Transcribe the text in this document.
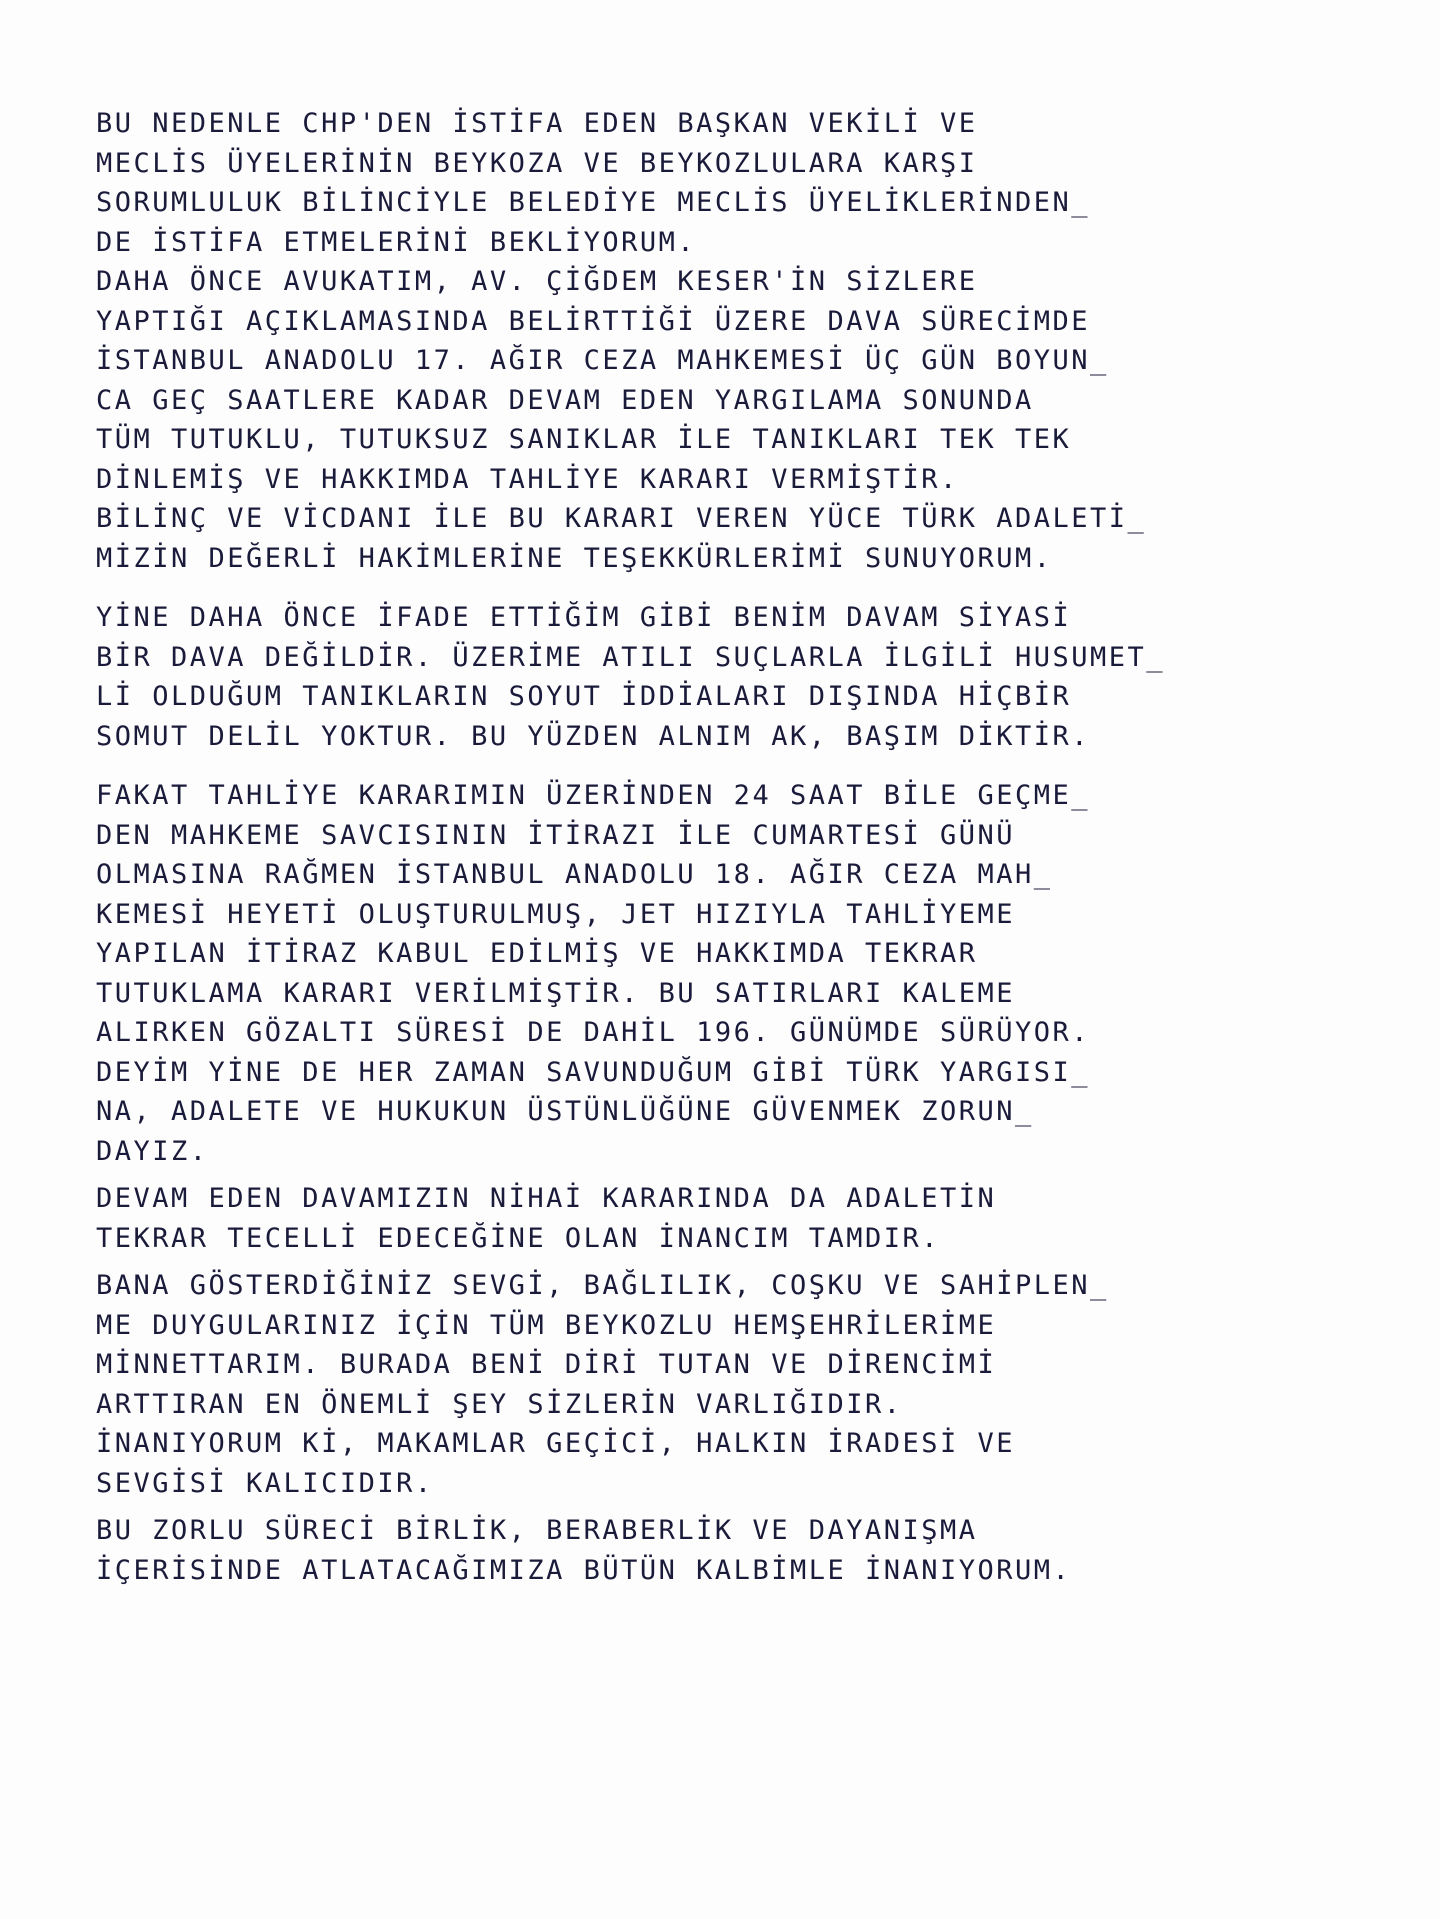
BU NEDENLE CHP'DEN İSTİFA EDEN BAŞKAN VEKİLİ VE
MECLİS ÜYELERİNİN BEYKOZA VE BEYKOZLULARA KARŞI
SORUMLULUK BİLİNCİYLE BELEDİYE MECLİS ÜYELİKLERİNDEN_
DE İSTİFA ETMELERİNİ BEKLİYORUM.
DAHA ÖNCE AVUKATIM, AV. ÇİĞDEM KESER'İN SİZLERE
YAPTIĞI AÇIKLAMASINDA BELİRTTİĞİ ÜZERE DAVA SÜRECİMDE
İSTANBUL ANADOLU 17. AĞIR CEZA MAHKEMESİ ÜÇ GÜN BOYUN_
CA GEÇ SAATLERE KADAR DEVAM EDEN YARGILAMA SONUNDA
TÜM TUTUKLU, TUTUKSUZ SANIKLAR İLE TANIKLARI TEK TEK
DİNLEMİŞ VE HAKKIMDA TAHLİYE KARARI VERMİŞTİR.
BİLİNÇ VE VİCDANI İLE BU KARARI VEREN YÜCE TÜRK ADALETİ_
MİZİN DEĞERLİ HAKİMLERİNE TEŞEKKÜRLERİMİ SUNUYORUM.
YİNE DAHA ÖNCE İFADE ETTİĞİM GİBİ BENİM DAVAM SİYASİ
BİR DAVA DEĞİLDİR. ÜZERİME ATILI SUÇLARLA İLGİLİ HUSUMET_
Lİ OLDUĞUM TANIKLARIN SOYUT İDDİALARI DIŞINDA HİÇBİR
SOMUT DELİL YOKTUR. BU YÜZDEN ALNIM AK, BAŞIM DİKTİR.
FAKAT TAHLİYE KARARIMIN ÜZERİNDEN 24 SAAT BİLE GEÇME_
DEN MAHKEME SAVCISININ İTİRAZI İLE CUMARTESİ GÜNÜ
OLMASINA RAĞMEN İSTANBUL ANADOLU 18. AĞIR CEZA MAH_
KEMESİ HEYETİ OLUŞTURULMUŞ, JET HIZIYLA TAHLİYEME
YAPILAN İTİRAZ KABUL EDİLMİŞ VE HAKKIMDA TEKRAR
TUTUKLAMA KARARI VERİLMİŞTİR. BU SATIRLARI KALEME
ALIRKEN GÖZALTI SÜRESİ DE DAHİL 196. GÜNÜMDE SÜRÜYOR.
DEYİM YİNE DE HER ZAMAN SAVUNDUĞUM GİBİ TÜRK YARGISI_
NA, ADALETE VE HUKUKUN ÜSTÜNLÜĞÜNE GÜVENMEK ZORUN_
DAYIZ.
DEVAM EDEN DAVAMIZIN NİHAİ KARARINDA DA ADALETİN
TEKRAR TECELLİ EDECEĞİNE OLAN İNANCIM TAMDIR.
BANA GÖSTERDİĞİNİZ SEVGİ, BAĞLILIK, COŞKU VE SAHİPLEN_
ME DUYGULARINIZ İÇİN TÜM BEYKOZLU HEMŞEHRİLERİME
MİNNETTARIM. BURADA BENİ DİRİ TUTAN VE DİRENCİMİ
ARTTIRAN EN ÖNEMLİ ŞEY SİZLERİN VARLIĞIDIR.
İNANIYORUM Kİ, MAKAMLAR GEÇİCİ, HALKIN İRADESİ VE
SEVGİSİ KALICIDIR.
BU ZORLU SÜRECİ BİRLİK, BERABERLİK VE DAYANIŞMA
İÇERİSİNDE ATLATACAĞIMIZA BÜTÜN KALBİMLE İNANIYORUM.
